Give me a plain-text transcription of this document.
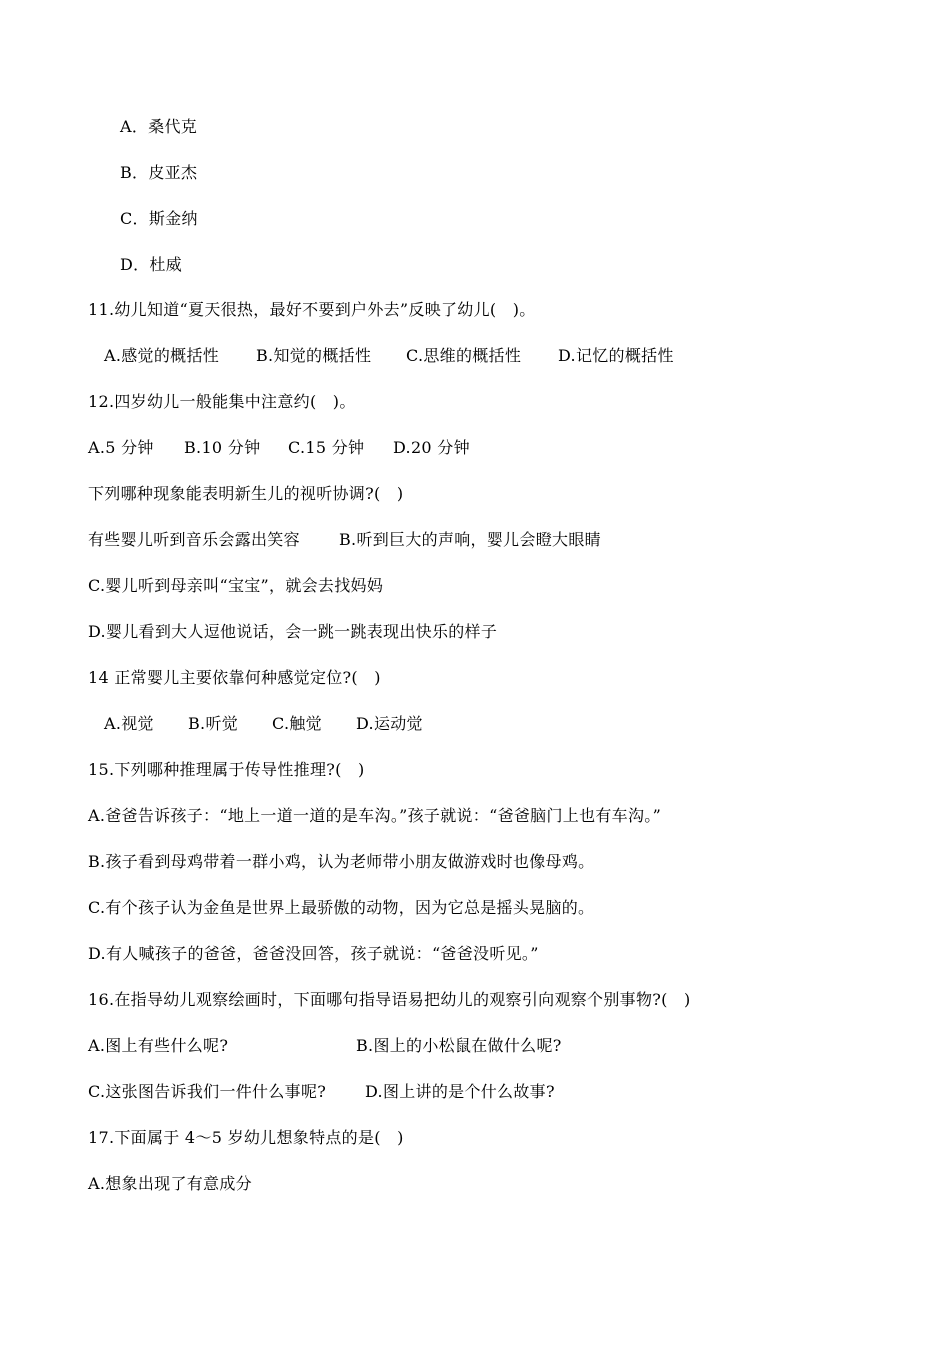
A．桑代克
B．皮亚杰
C．斯金纳
D．杜威
11.幼儿知道“夏天很热，最好不要到户外去”反映了幼儿(　)。
A.感觉的概括性 B.知觉的概括性 C.思维的概括性 D.记忆的概括性
12.四岁幼儿一般能集中注意约(　)。
A.5 分钟 B.10 分钟 C.15 分钟 D.20 分钟
下列哪种现象能表明新生儿的视听协调?(　)
有些婴儿听到音乐会露出笑容 B.听到巨大的声响，婴儿会瞪大眼睛
C.婴儿听到母亲叫“宝宝”，就会去找妈妈
D.婴儿看到大人逗他说话，会一跳一跳表现出快乐的样子
14 正常婴儿主要依靠何种感觉定位?(　)
A.视觉 B.听觉 C.触觉 D.运动觉
15.下列哪种推理属于传导性推理?(　)
A.爸爸告诉孩子：“地上一道一道的是车沟。”孩子就说：“爸爸脑门上也有车沟。”
B.孩子看到母鸡带着一群小鸡，认为老师带小朋友做游戏时也像母鸡。
C.有个孩子认为金鱼是世界上最骄傲的动物，因为它总是摇头晃脑的。
D.有人喊孩子的爸爸，爸爸没回答，孩子就说：“爸爸没听见。”
16.在指导幼儿观察绘画时，下面哪句指导语易把幼儿的观察引向观察个别事物?(　)
A.图上有些什么呢?	B.图上的小松鼠在做什么呢?
C.这张图告诉我们一件什么事呢? D.图上讲的是个什么故事?
17.下面属于 4～5 岁幼儿想象特点的是(　)
A.想象出现了有意成分
